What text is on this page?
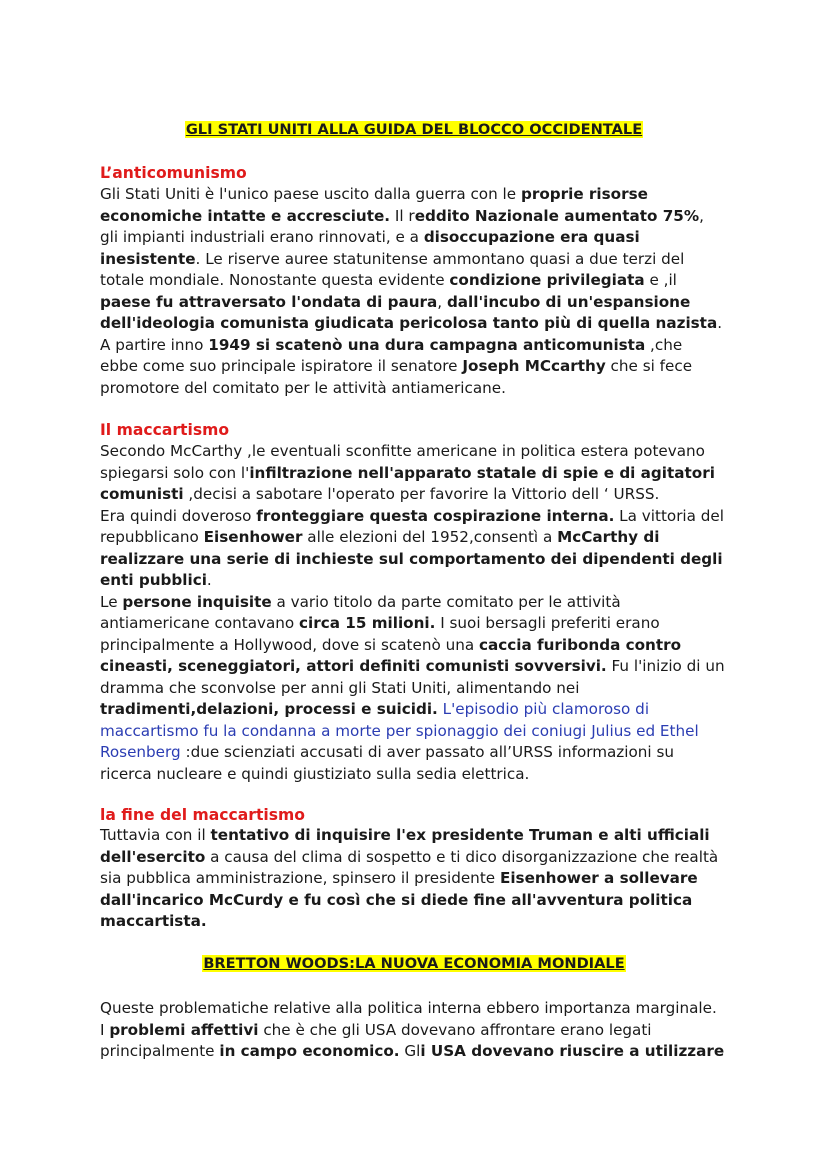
GLI STATI UNITI ALLA GUIDA DEL BLOCCO OCCIDENTALE
L’anticomunismo
Gli Stati Uniti è l'unico paese uscito dalla guerra con le proprie risorse
economiche intatte e accresciute. Il reddito Nazionale aumentato 75%,
gli impianti industriali erano rinnovati, e a disoccupazione era quasi
inesistente. Le riserve auree statunitense ammontano quasi a due terzi del
totale mondiale. Nonostante questa evidente condizione privilegiata e ,il
paese fu attraversato l'ondata di paura, dall'incubo di un'espansione
dell'ideologia comunista giudicata pericolosa tanto più di quella nazista.
A partire inno 1949 si scatenò una dura campagna anticomunista ,che
ebbe come suo principale ispiratore il senatore Joseph MCcarthy che si fece
promotore del comitato per le attività antiamericane.
Il maccartismo
Secondo McCarthy ,le eventuali sconfitte americane in politica estera potevano
spiegarsi solo con l'infiltrazione nell'apparato statale di spie e di agitatori
comunisti ,decisi a sabotare l'operato per favorire la Vittorio dell ‘ URSS.
Era quindi doveroso fronteggiare questa cospirazione interna. La vittoria del
repubblicano Eisenhower alle elezioni del 1952,consentì a McCarthy di
realizzare una serie di inchieste sul comportamento dei dipendenti degli
enti pubblici.
Le persone inquisite a vario titolo da parte comitato per le attività
antiamericane contavano circa 15 milioni. I suoi bersagli preferiti erano
principalmente a Hollywood, dove si scatenò una caccia furibonda contro
cineasti, sceneggiatori, attori definiti comunisti sovversivi. Fu l'inizio di un
dramma che sconvolse per anni gli Stati Uniti, alimentando nei
tradimenti,delazioni, processi e suicidi. L'episodio più clamoroso di
maccartismo fu la condanna a morte per spionaggio dei coniugi Julius ed Ethel
Rosenberg :due scienziati accusati di aver passato all’URSS informazioni su
ricerca nucleare e quindi giustiziato sulla sedia elettrica.
la fine del maccartismo
Tuttavia con il tentativo di inquisire l'ex presidente Truman e alti ufficiali
dell'esercito a causa del clima di sospetto e ti dico disorganizzazione che realtà
sia pubblica amministrazione, spinsero il presidente Eisenhower a sollevare
dall'incarico McCurdy e fu così che si diede fine all'avventura politica
maccartista.
BRETTON WOODS:LA NUOVA ECONOMIA MONDIALE
Queste problematiche relative alla politica interna ebbero importanza marginale.
I problemi affettivi che è che gli USA dovevano affrontare erano legati
principalmente in campo economico. Gli USA dovevano riuscire a utilizzare
